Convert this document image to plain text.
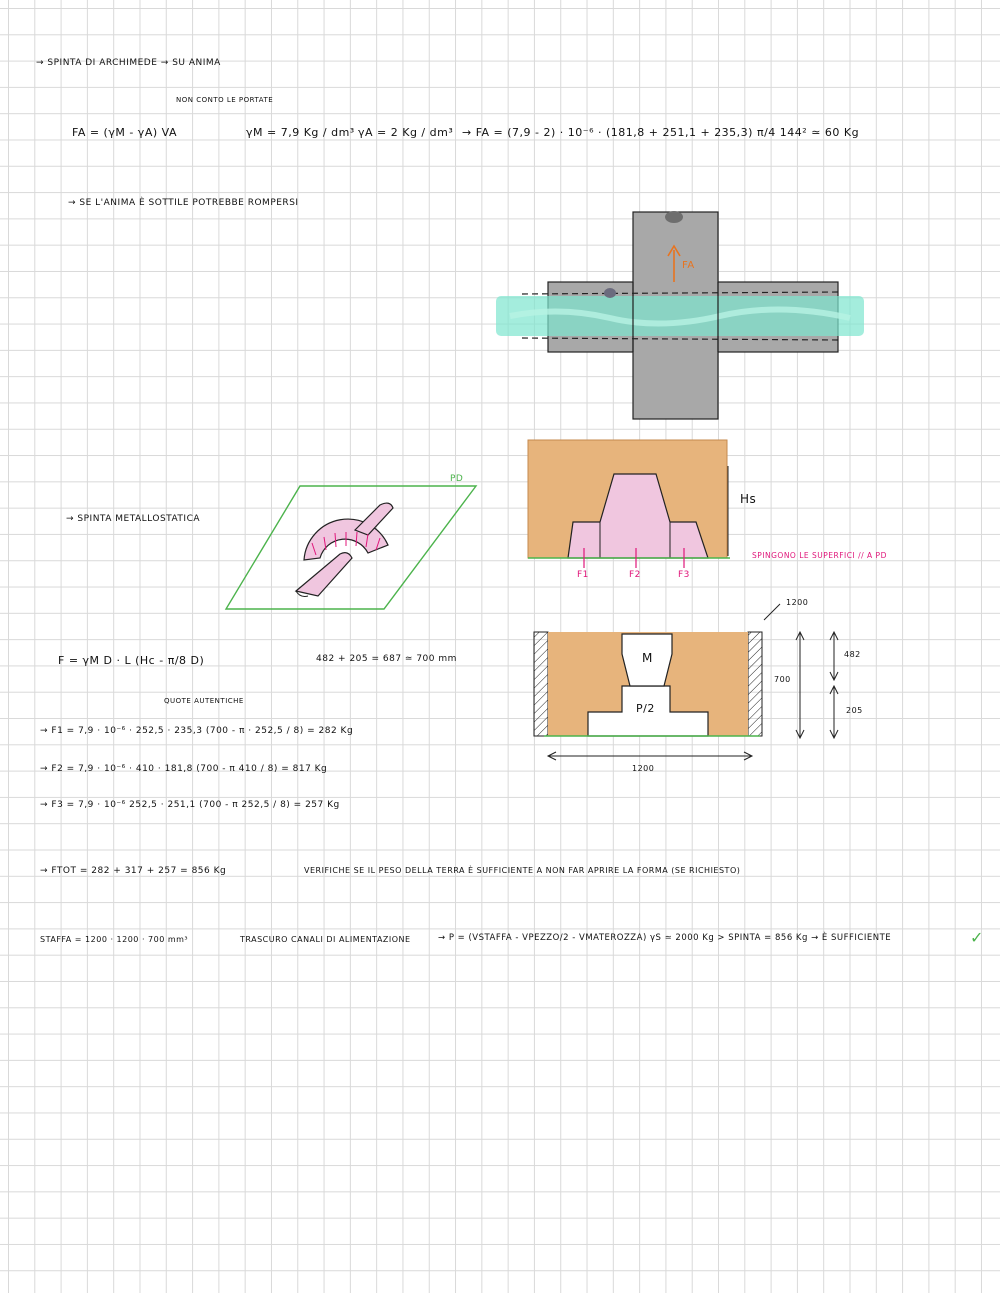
→ SPINTA DI ARCHIMEDE → SU ANIMA
NON CONTO LE PORTATE
FA = (γM - γA) VA	γM = 7,9 Kg / dm³ γA = 2 Kg / dm³ → FA = (7,9 - 2) · 10⁻⁶ · (181,8 + 251,1 + 235,3) π/4 144² ≃ 60 Kg
→ SE L'ANIMA È SOTTILE POTREBBE ROMPERSI
→ SPINTA METALLOSTATICA
F = γM D · L (Hc - π/8 D)	482 + 205 = 687 ≃ 700 mm
QUOTE AUTENTICHE
→ F1 = 7,9 · 10⁻⁶ · 252,5 · 235,3 (700 - π · 252,5 / 8) = 282 Kg
→ F2 = 7,9 · 10⁻⁶ · 410 · 181,8 (700 - π 410 / 8) = 817 Kg
→ F3 = 7,9 · 10⁻⁶ 252,5 · 251,1 (700 - π 252,5 / 8) = 257 Kg
→ FTOT = 282 + 317 + 257 = 856 Kg	VERIFICHE SE IL PESO DELLA TERRA È SUFFICIENTE A NON FAR APRIRE LA FORMA (SE RICHIESTO)
STAFFA = 1200 · 1200 · 700 mm³	TRASCURO CANALI DI ALIMENTAZIONE	→ P = (VSTAFFA - VPEZZO/2 - VMATEROZZA) γS ≃ 2000 Kg > SPINTA = 856 Kg → È SUFFICIENTE	✓
FA
PD
Hs
F1	F2	F3
SPINGONO LE SUPERFICI // A PD
M
P/2
700
482
205
1200
1200
